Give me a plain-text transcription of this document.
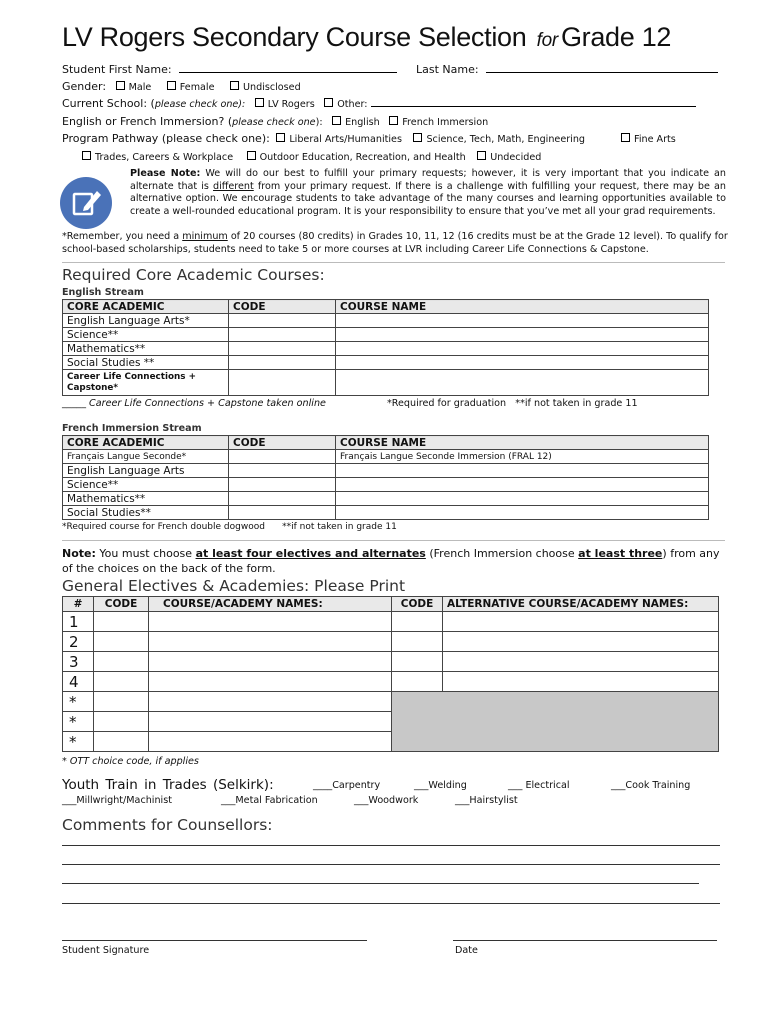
LV Rogers Secondary Course Selection for Grade 12
Student First Name:	Last Name:
Gender: Male	Female	Undisclosed
Current School: (please check one): LV Rogers Other:
English or French Immersion? (please check one): English French Immersion
Program Pathway (please check one): Liberal Arts/Humanities	Science, Tech, Math, Engineering	Fine Arts
Trades, Careers & Workplace	Outdoor Education, Recreation, and Health	Undecided
Please Note: We will do our best to fulfill your primary requests; however, it is very important that you indicate an alternate that is different from your primary request. If there is a challenge with fulfilling your request, there may be an alternative option. We encourage students to take advantage of the many courses and learning opportunities available to create a well-rounded educational program. It is your responsibility to ensure that you’ve met all your grad requirements.
*Remember, you need a minimum of 20 courses (80 credits) in Grades 10, 11, 12 (16 credits must be at the Grade 12 level). To qualify for school-based scholarships, students need to take 5 or more courses at LVR including Career Life Connections & Capstone.
Required Core Academic Courses:
English Stream
CORE ACADEMIC	CODE	COURSE NAME
English Language Arts*		
Science**		
Mathematics**		
Social Studies **		
Career Life Connections + Capstone*		
_____ Career Life Connections + Capstone taken online	*Required for graduation **if not taken in grade 11
French Immersion Stream
CORE ACADEMIC	CODE	COURSE NAME
Français Langue Seconde*		Français Langue Seconde Immersion (FRAL 12)
English Language Arts		
Science**		
Mathematics**		
Social Studies**		
*Required course for French double dogwood **if not taken in grade 11
Note: You must choose at least four electives and alternates (French Immersion choose at least three) from any of the choices on the back of the form.
General Electives & Academies: Please Print
#	CODE	COURSE/ACADEMY NAMES:	CODE	ALTERNATIVE COURSE/ACADEMY NAMES:
1				
2				
3				
4				
*				
*				
*				
* OTT choice code, if applies
Youth Train in Trades (Selkirk):	____Carpentry	___Welding	___ Electrical	___Cook Training
___Millwright/Machinist	___Metal Fabrication	___Woodwork	___Hairstylist
Comments for Counsellors:
Student Signature	Date
